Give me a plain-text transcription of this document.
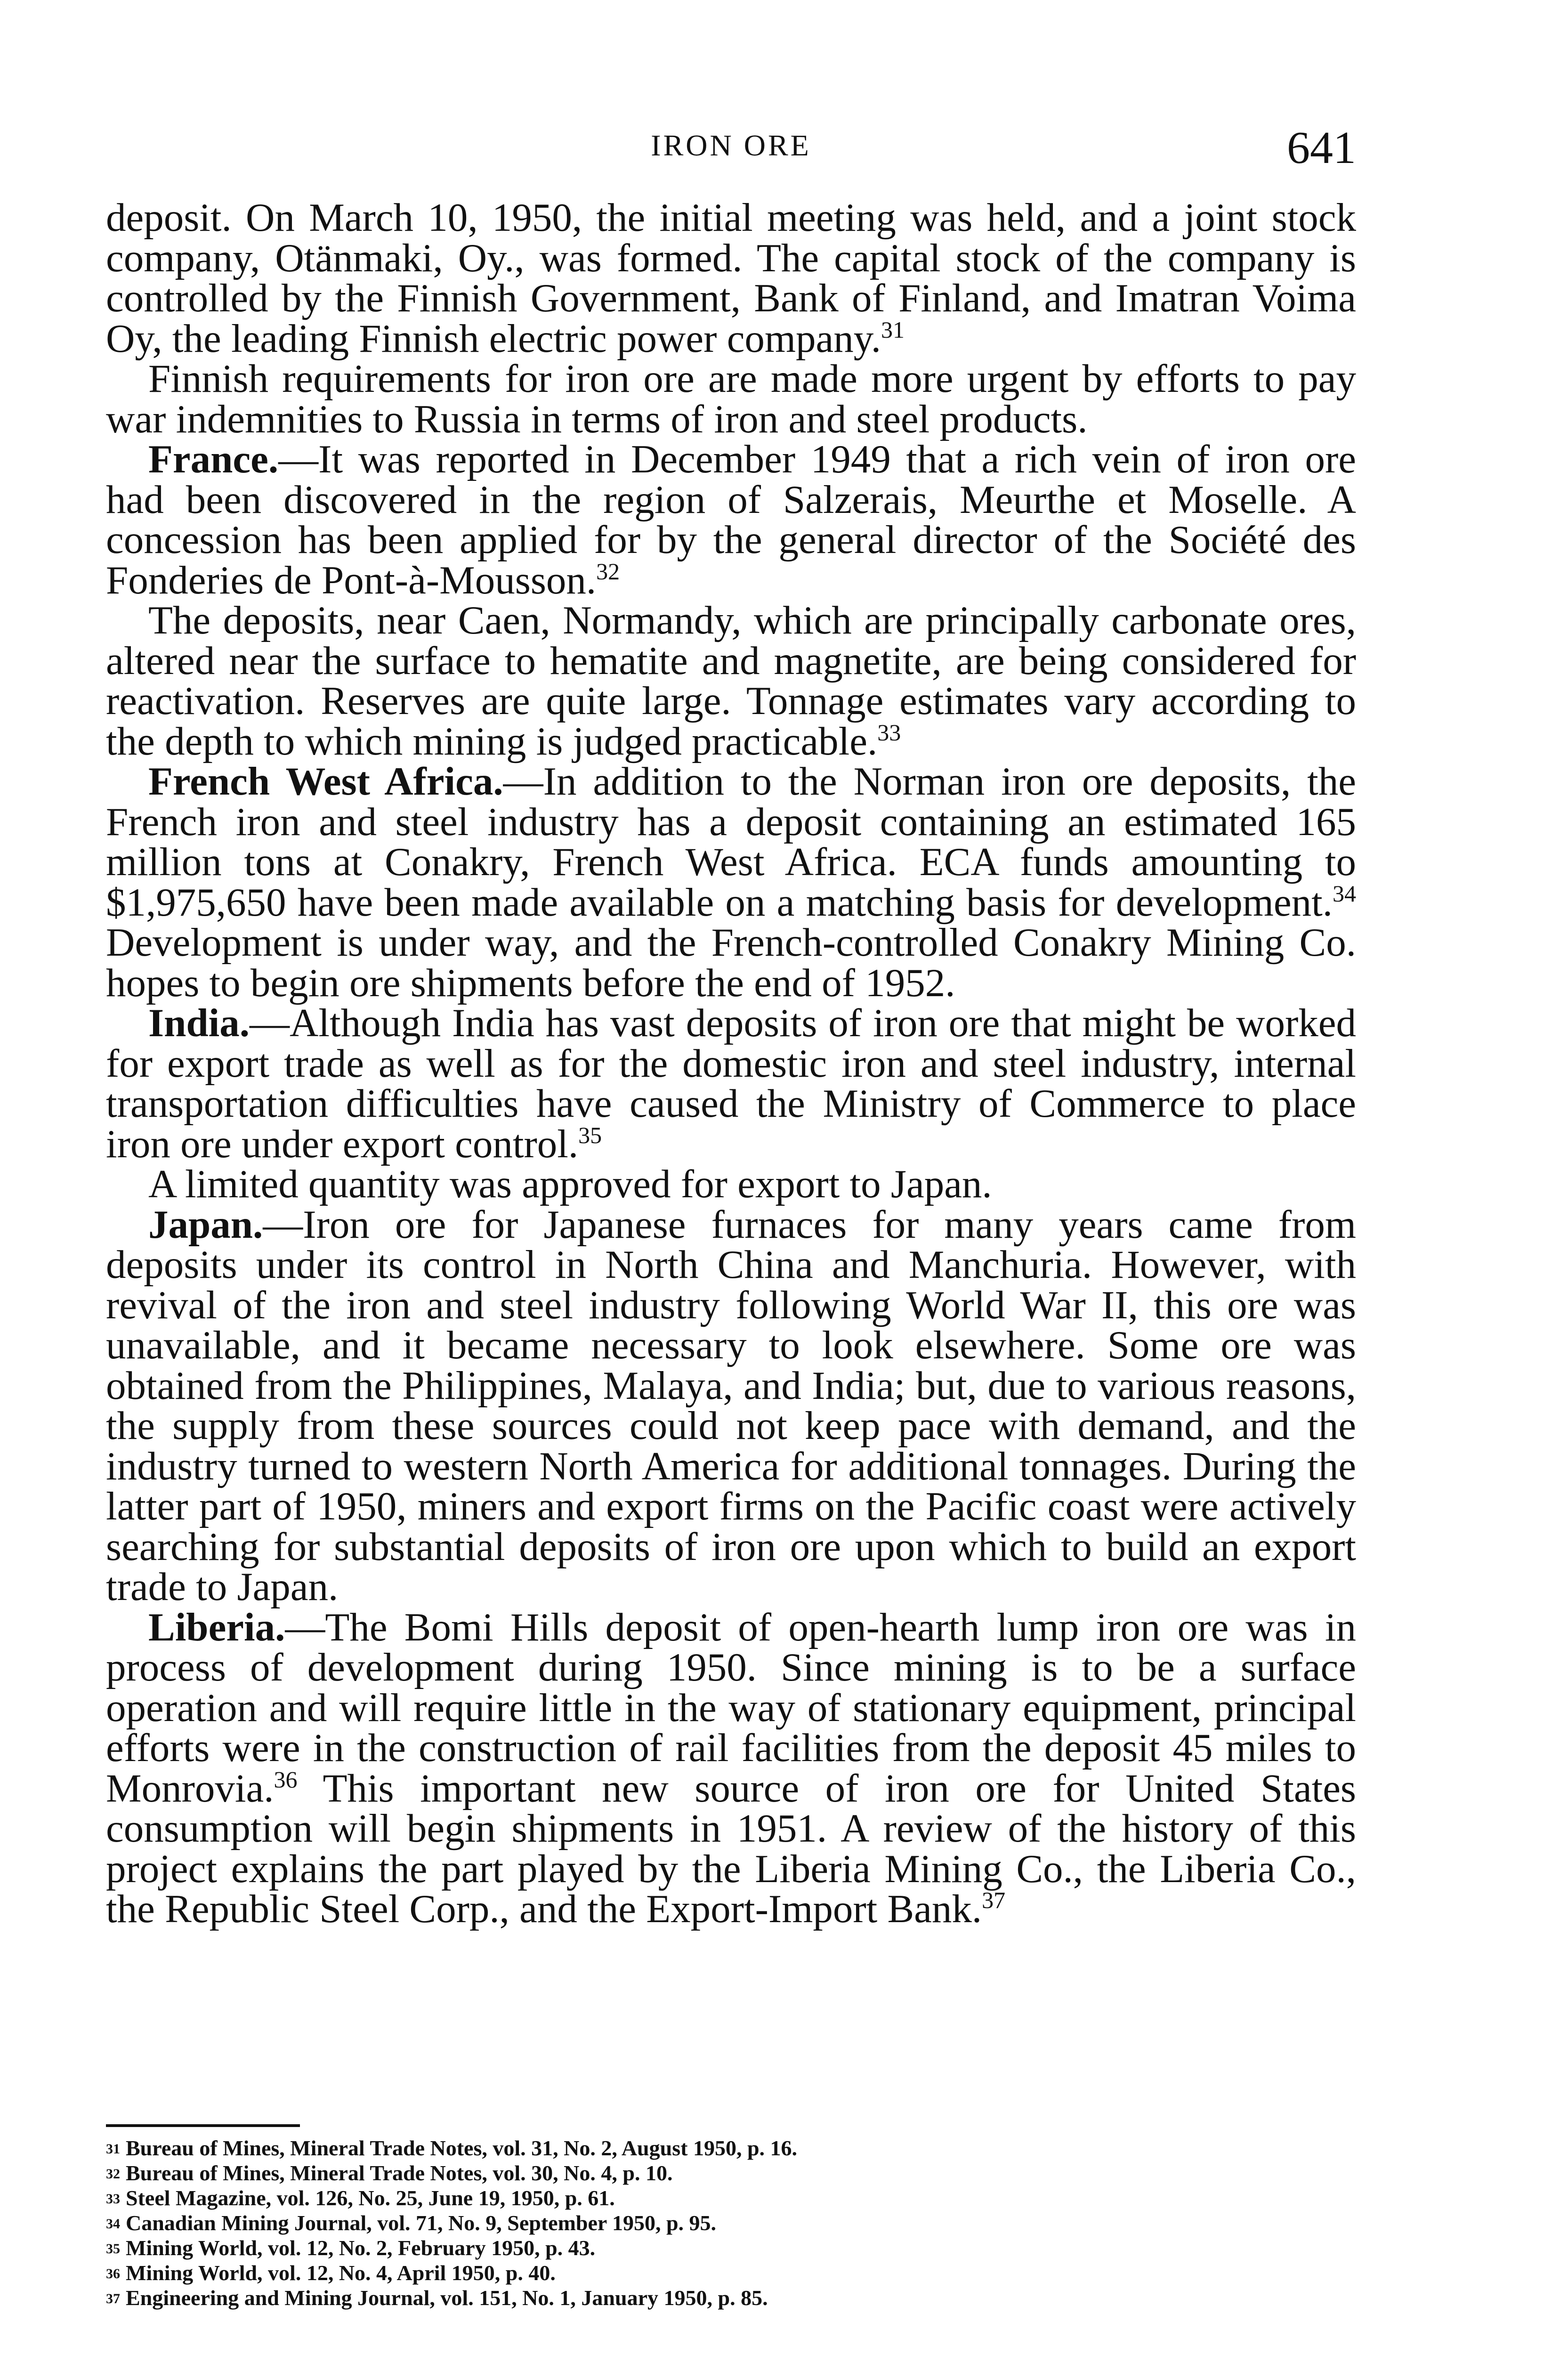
IRON ORE	641

deposit. On March 10, 1950, the initial meeting was held, and a joint stock company, Otänmaki, Oy., was formed. The capital stock of the company is controlled by the Finnish Government, Bank of Finland, and Imatran Voima Oy, the leading Finnish electric power company.$^{31}$

Finnish requirements for iron ore are made more urgent by efforts to pay war indemnities to Russia in terms of iron and steel products.

France.—It was reported in December 1949 that a rich vein of iron ore had been discovered in the region of Salzerais, Meurthe et Moselle. A concession has been applied for by the general director of the Société des Fonderies de Pont-à-Mousson.$^{32}$

The deposits, near Caen, Normandy, which are principally carbonate ores, altered near the surface to hematite and magnetite, are being considered for reactivation. Reserves are quite large. Tonnage estimates vary according to the depth to which mining is judged practicable.$^{33}$

French West Africa.—In addition to the Norman iron ore deposits, the French iron and steel industry has a deposit containing an estimated 165 million tons at Conakry, French West Africa. ECA funds amounting to $1,975,650 have been made available on a matching basis for development.$^{34}$ Development is under way, and the French-controlled Conakry Mining Co. hopes to begin ore shipments before the end of 1952.

India.—Although India has vast deposits of iron ore that might be worked for export trade as well as for the domestic iron and steel industry, internal transportation difficulties have caused the Ministry of Commerce to place iron ore under export control.$^{35}$

A limited quantity was approved for export to Japan.

Japan.—Iron ore for Japanese furnaces for many years came from deposits under its control in North China and Manchuria. However, with revival of the iron and steel industry following World War II, this ore was unavailable, and it became necessary to look elsewhere. Some ore was obtained from the Philippines, Malaya, and India; but, due to various reasons, the supply from these sources could not keep pace with demand, and the industry turned to western North America for additional tonnages. During the latter part of 1950, miners and export firms on the Pacific coast were actively searching for substantial deposits of iron ore upon which to build an export trade to Japan.

Liberia.—The Bomi Hills deposit of open-hearth lump iron ore was in process of development during 1950. Since mining is to be a surface operation and will require little in the way of stationary equipment, principal efforts were in the construction of rail facilities from the deposit 45 miles to Monrovia.$^{36}$ This important new source of iron ore for United States consumption will begin shipments in 1951. A review of the history of this project explains the part played by the Liberia Mining Co., the Liberia Co., the Republic Steel Corp., and the Export-Import Bank.$^{37}$

31 Bureau of Mines, Mineral Trade Notes, vol. 31, No. 2, August 1950, p. 16.
32 Bureau of Mines, Mineral Trade Notes, vol. 30, No. 4, p. 10.
33 Steel Magazine, vol. 126, No. 25, June 19, 1950, p. 61.
34 Canadian Mining Journal, vol. 71, No. 9, September 1950, p. 95.
35 Mining World, vol. 12, No. 2, February 1950, p. 43.
36 Mining World, vol. 12, No. 4, April 1950, p. 40.
37 Engineering and Mining Journal, vol. 151, No. 1, January 1950, p. 85.
